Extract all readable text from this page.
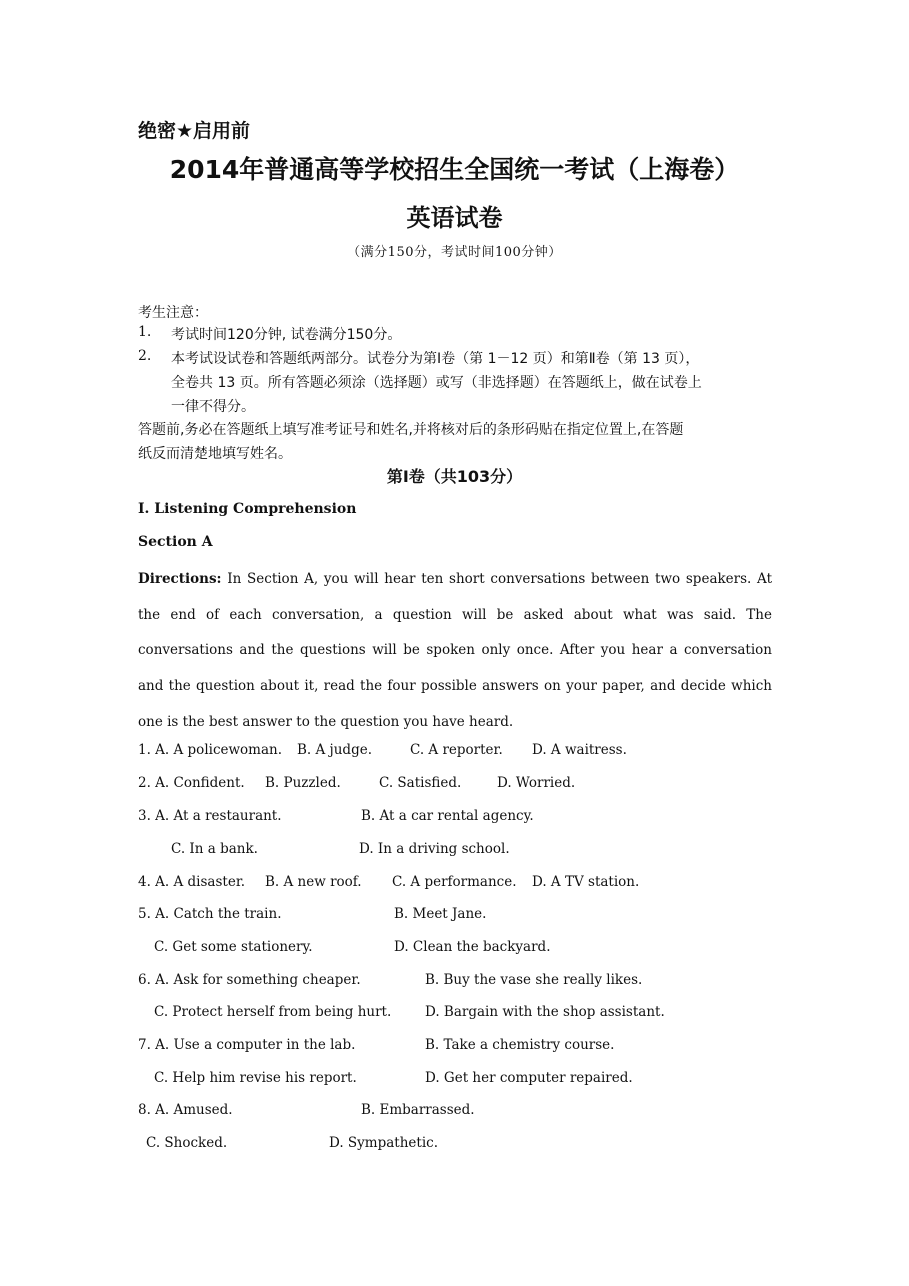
绝密★启用前
2014年普通高等学校招生全国统一考试（上海卷）
英语试卷
（满分150分，考试时间100分钟）
考生注意：
1. 考试时间120分钟, 试卷满分150分。
2. 本考试设试卷和答题纸两部分。试卷分为第Ⅰ卷（第 1－12 页）和第Ⅱ卷（第 13 页），
全卷共 13 页。所有答题必须涂（选择题）或写（非选择题）在答题纸上，做在试卷上
一律不得分。
答题前,务必在答题纸上填写准考证号和姓名,并将核对后的条形码贴在指定位置上,在答题
纸反而清楚地填写姓名。
第Ⅰ卷（共103分）
I. Listening Comprehension
Section A
Directions: In Section A, you will hear ten short conversations between two speakers. At the end of each conversation, a question will be asked about what was said. The conversations and the questions will be spoken only once. After you hear a conversation and the question about it, read the four possible answers on your paper, and decide which one is the best answer to the question you have heard.
1. A. A policewoman. B. A judge.	C. A reporter. D. A waitress.
2. A. Confident. B. Puzzled.	C. Satisfied.	D. Worried.
3. A. At a restaurant.	B. At a car rental agency.
C. In a bank.	D. In a driving school.
4. A. A disaster. B. A new roof. C. A performance. D. A TV station.
5. A. Catch the train.	B. Meet Jane.
C. Get some stationery.	D. Clean the backyard.
6. A. Ask for something cheaper.	B. Buy the vase she really likes.
C. Protect herself from being hurt. D. Bargain with the shop assistant.
7. A. Use a computer in the lab.	B. Take a chemistry course.
C. Help him revise his report.	D. Get her computer repaired.
8. A. Amused.	B. Embarrassed.
C. Shocked.	D. Sympathetic.
